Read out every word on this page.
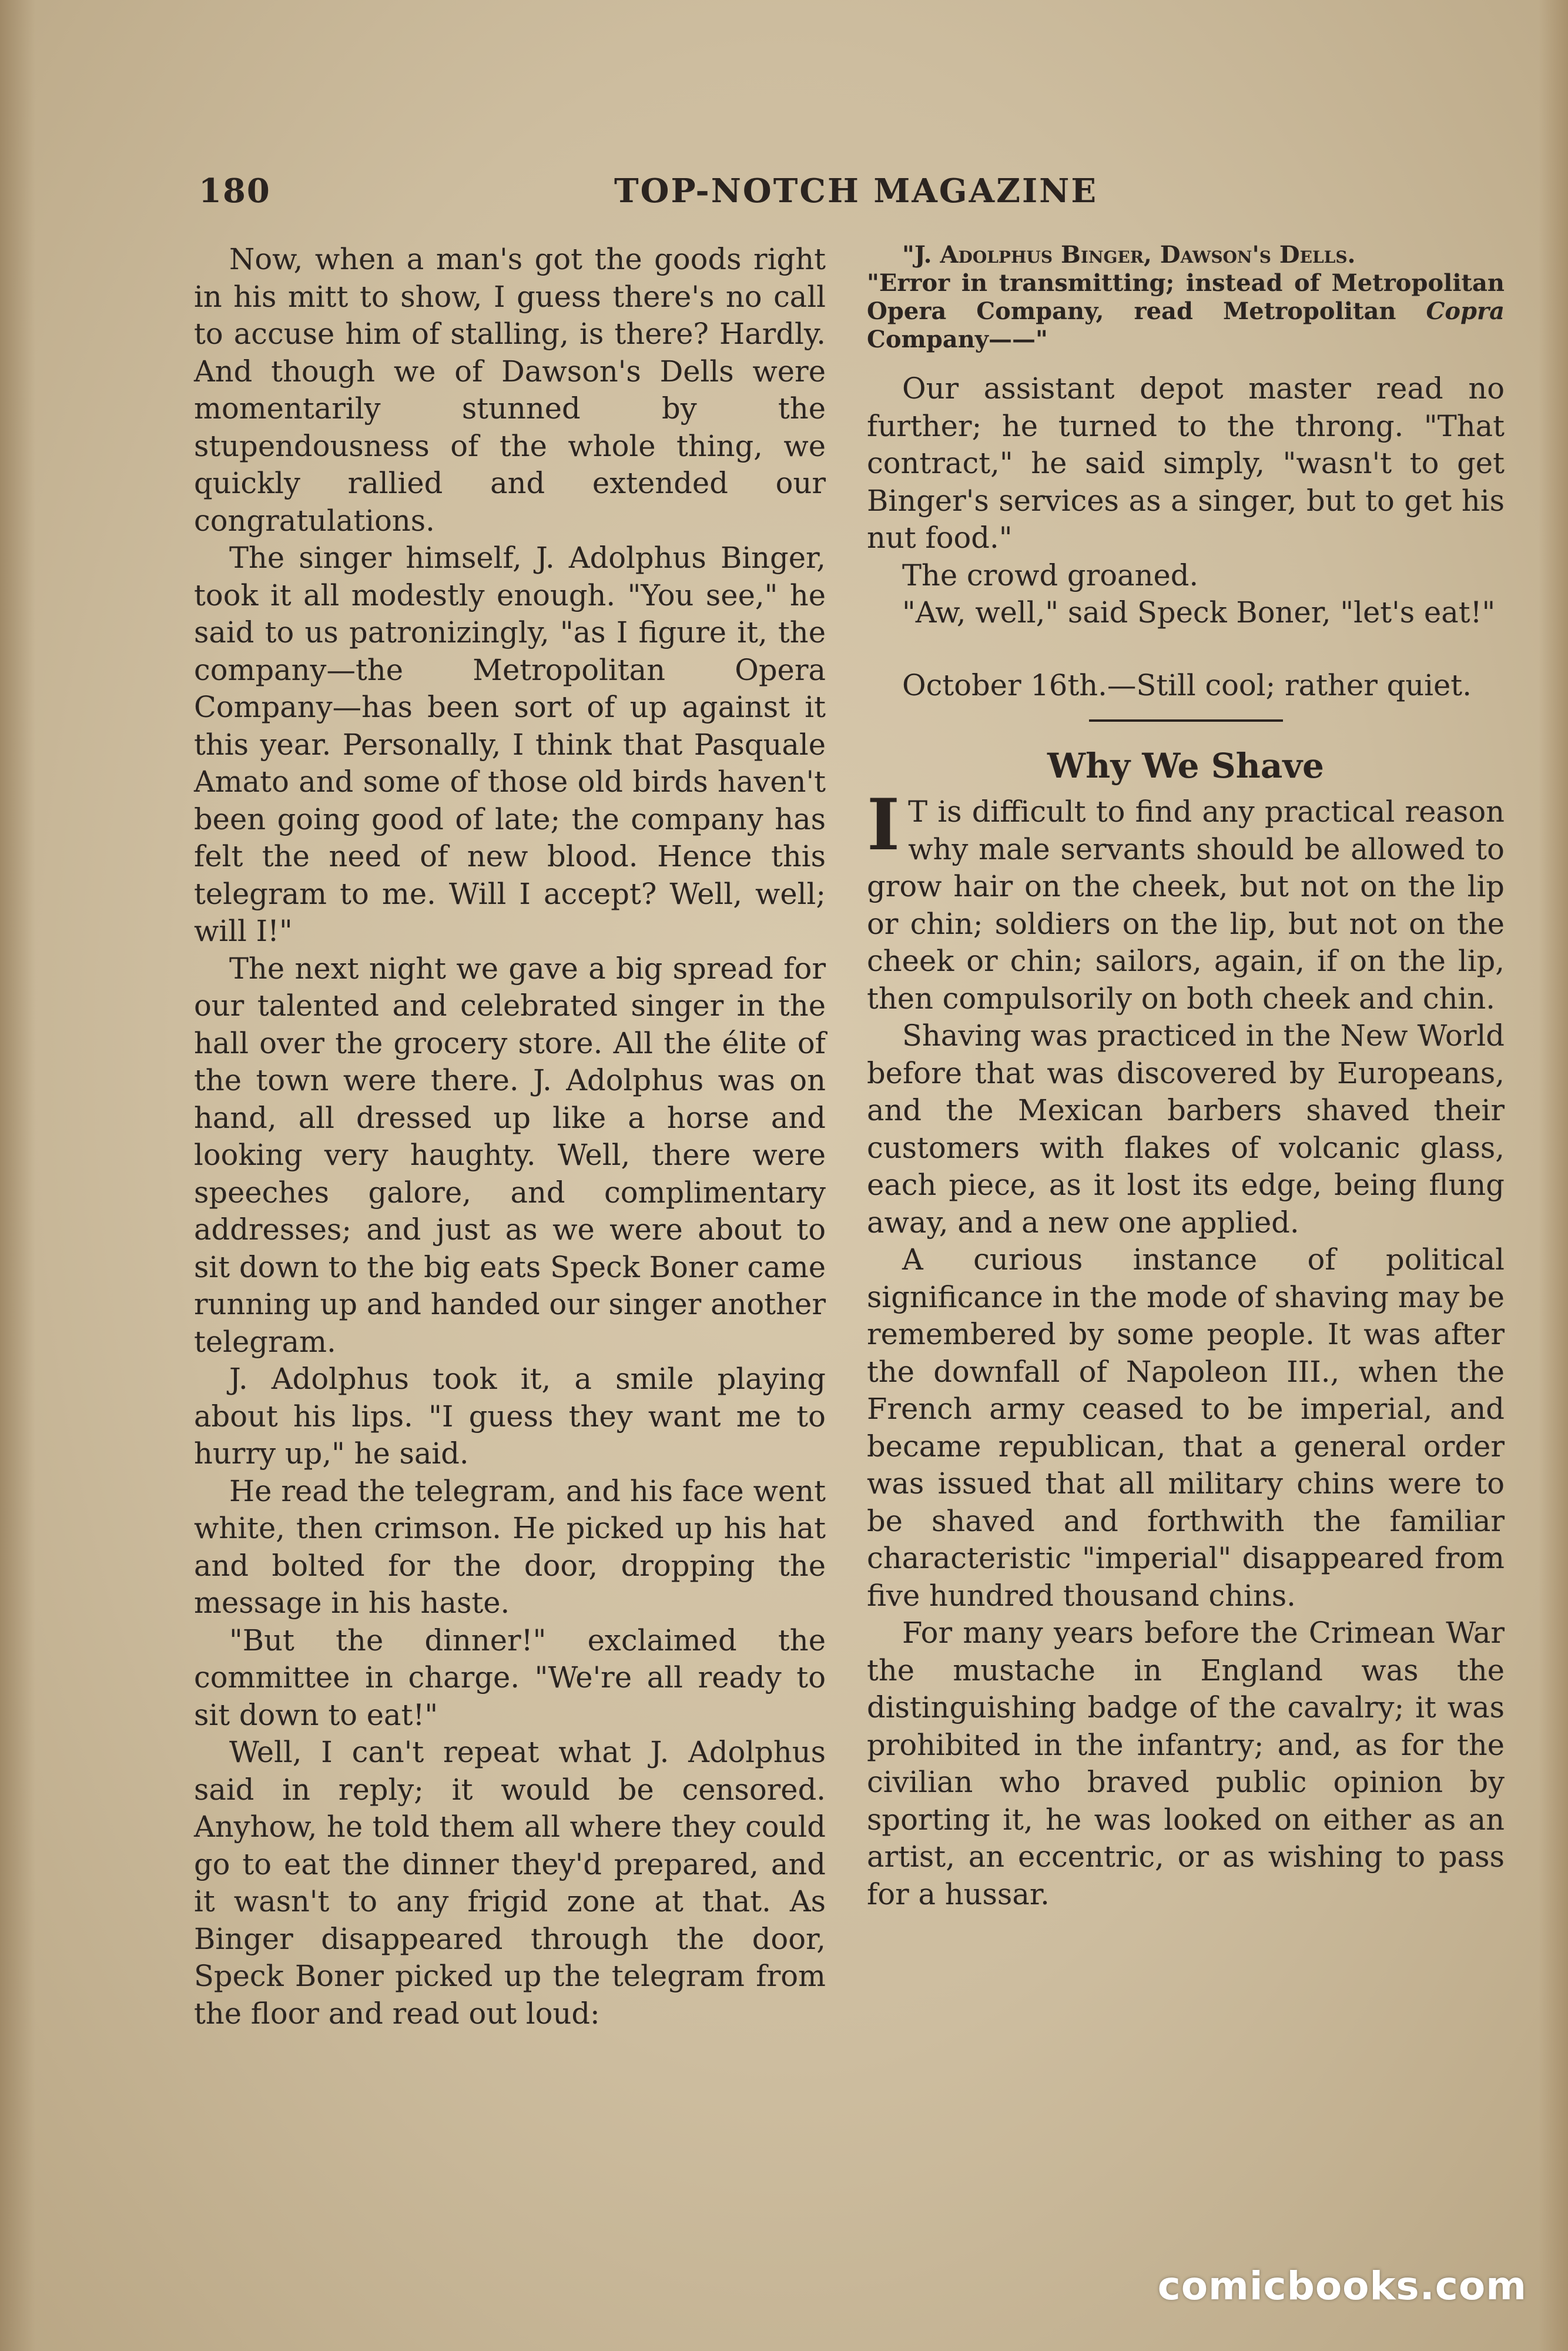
180	TOP-NOTCH MAGAZINE

Now, when a man's got the goods right in his mitt to show, I guess there's no call to accuse him of stalling, is there? Hardly. And though we of Dawson's Dells were momentarily stunned by the stupendousness of the whole thing, we quickly rallied and extended our congratulations.

The singer himself, J. Adolphus Binger, took it all modestly enough. "You see," he said to us patronizingly, "as I figure it, the company—the Metropolitan Opera Company—has been sort of up against it this year. Personally, I think that Pasquale Amato and some of those old birds haven't been going good of late; the company has felt the need of new blood. Hence this telegram to me. Will I accept? Well, well; will I!"

The next night we gave a big spread for our talented and celebrated singer in the hall over the grocery store. All the élite of the town were there. J. Adolphus was on hand, all dressed up like a horse and looking very haughty. Well, there were speeches galore, and complimentary addresses; and just as we were about to sit down to the big eats Speck Boner came running up and handed our singer another telegram.

J. Adolphus took it, a smile playing about his lips. "I guess they want me to hurry up," he said.

He read the telegram, and his face went white, then crimson. He picked up his hat and bolted for the door, dropping the message in his haste.

"But the dinner!" exclaimed the committee in charge. "We're all ready to sit down to eat!"

Well, I can't repeat what J. Adolphus said in reply; it would be censored. Anyhow, he told them all where they could go to eat the dinner they'd prepared, and it wasn't to any frigid zone at that. As Binger disappeared through the door, Speck Boner picked up the telegram from the floor and read out loud:

"J. Adolphus Binger, Dawson's Dells.
"Error in transmitting; instead of Metropolitan Opera Company, read Metropolitan Copra Company——"

Our assistant depot master read no further; he turned to the throng. "That contract," he said simply, "wasn't to get Binger's services as a singer, but to get his nut food."

The crowd groaned.

"Aw, well," said Speck Boner, "let's eat!"

October 16th.—Still cool; rather quiet.

Why We Shave

I T is difficult to find any practical reason why male servants should be allowed to grow hair on the cheek, but not on the lip or chin; soldiers on the lip, but not on the cheek or chin; sailors, again, if on the lip, then compulsorily on both cheek and chin.

Shaving was practiced in the New World before that was discovered by Europeans, and the Mexican barbers shaved their customers with flakes of volcanic glass, each piece, as it lost its edge, being flung away, and a new one applied.

A curious instance of political significance in the mode of shaving may be remembered by some people. It was after the downfall of Napoleon III., when the French army ceased to be imperial, and became republican, that a general order was issued that all military chins were to be shaved and forthwith the familiar characteristic "imperial" disappeared from five hundred thousand chins.

For many years before the Crimean War the mustache in England was the distinguishing badge of the cavalry; it was prohibited in the infantry; and, as for the civilian who braved public opinion by sporting it, he was looked on either as an artist, an eccentric, or as wishing to pass for a hussar.

comicbooks.com
